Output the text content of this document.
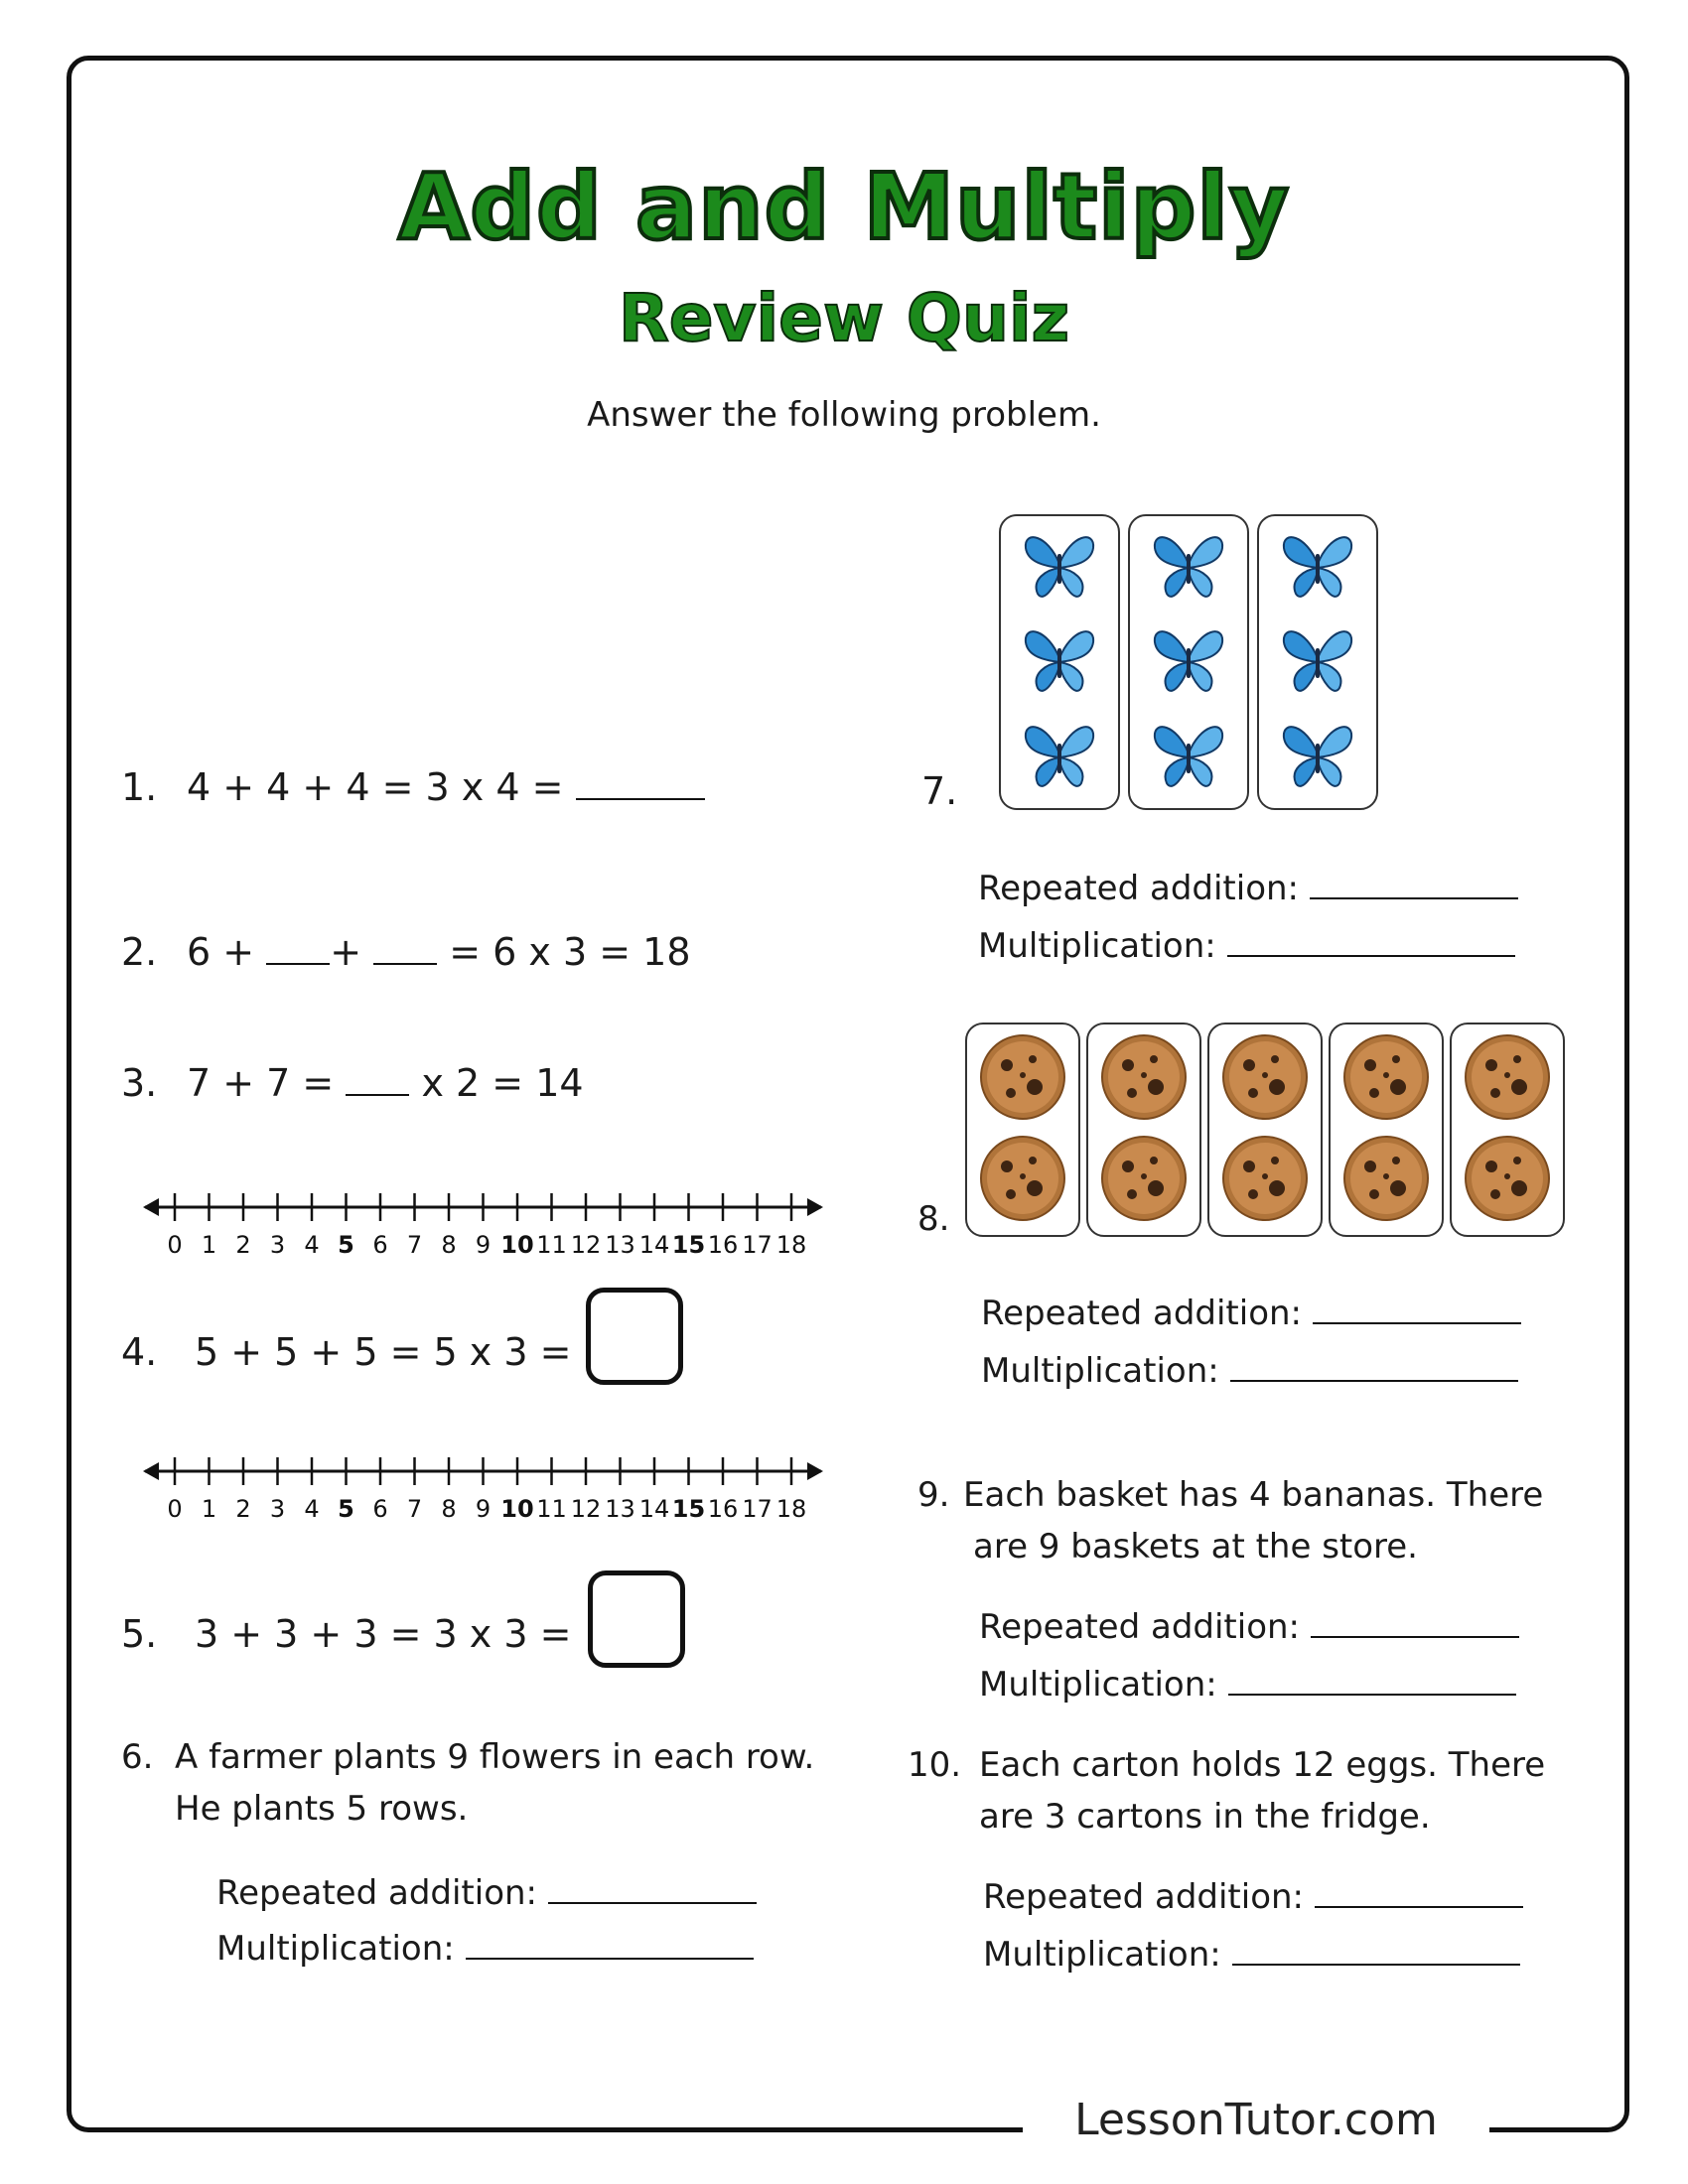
LessonTutor.com
Add and Multiply
Review Quiz
Answer the following problem.
1. 4 + 4 + 4 = 3 x 4 =
2. 6 + + = 6 x 3 = 18
3. 7 + 7 = x 2 = 14
0 1 2 3 4 5 6 7 8 9 10 11 12 13 14 15 16 17 18
4. 5 + 5 + 5 = 5 x 3 =
0 1 2 3 4 5 6 7 8 9 10 11 12 13 14 15 16 17 18
5. 3 + 3 + 3 = 3 x 3 =
6. A farmer plants 9 flowers in each row.
He plants 5 rows.
Repeated addition:
Multiplication:
7.
Repeated addition:
Multiplication:
8.
Repeated addition:
Multiplication:
9. Each basket has 4 bananas. There
are 9 baskets at the store.
Repeated addition:
Multiplication:
10. Each carton holds 12 eggs. There
are 3 cartons in the fridge.
Repeated addition:
Multiplication:
